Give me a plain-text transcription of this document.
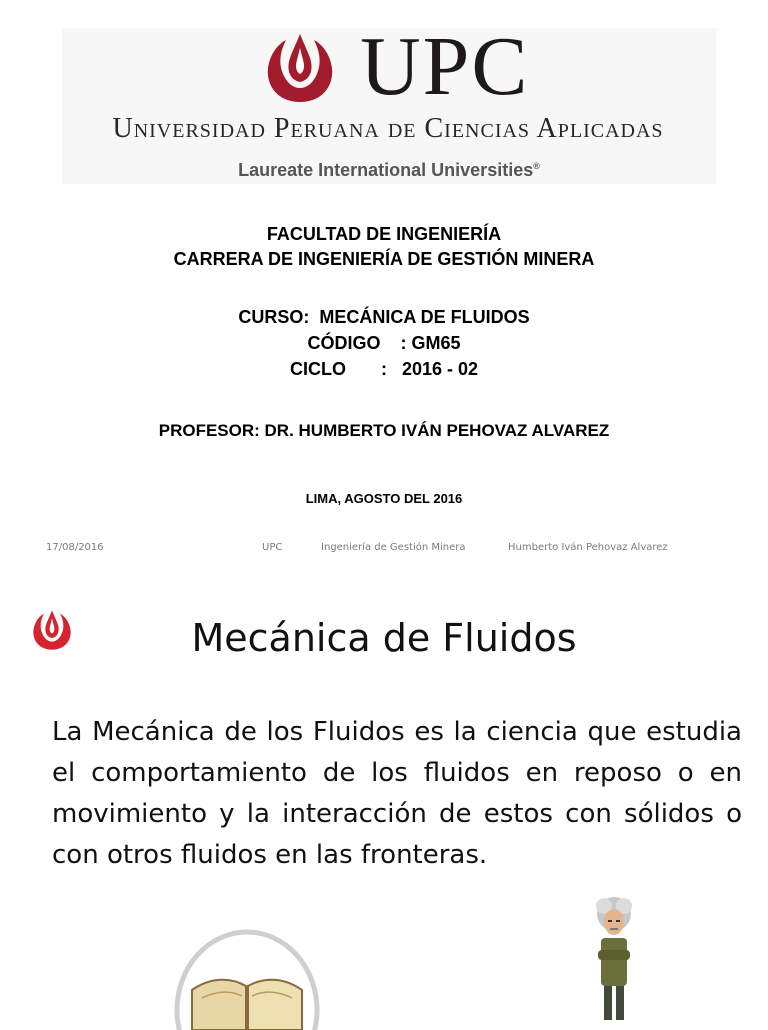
UPC
Universidad Peruana de Ciencias Aplicadas
Laureate International Universities®
FACULTAD DE INGENIERÍA
CARRERA DE INGENIERÍA DE GESTIÓN MINERA
CURSO:  MECÁNICA DE FLUIDOS
CÓDIGO    : GM65
CICLO       :   2016 - 02
PROFESOR: DR. HUMBERTO IVÁN PEHOVAZ ALVAREZ
LIMA, AGOSTO DEL 2016
17/08/2016	UPC	Ingeniería de Gestión Minera	Humberto Iván Pehovaz Alvarez
Mecánica de Fluidos
La Mecánica de los Fluidos es la ciencia que estudia el comportamiento de los fluidos en reposo o en movimiento y la interacción de estos con sólidos o con otros fluidos en las fronteras.
